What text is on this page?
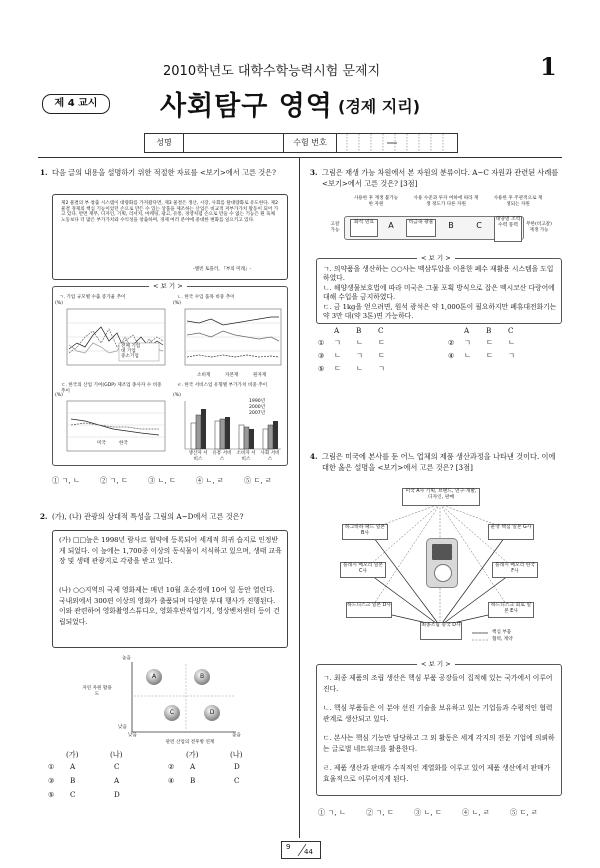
2010학년도 대학수학능력시험 문제지	1
제 4 교시	사회탐구 영역 (경제 지리)
성명	수험 번호
1. 다음 글의 내용을 설명하기 위한 적절한 자료를 <보기>에서 고른 것은?
제2 물결의 부 창출 시스템이 대량화를 가져왔다면, 제3 물결은 생산, 시장, 사회를 탈대량화로 유도한다. 제2 물결 경제의 핵심 기능이었던 손으로 만든 수 있는 상품을 제조하는 산업은 비교적 저부가가치 활동이 되어 가고 있다. 반면 재무, 디자인, 기획, 리서치, 마케팅, 광고, 유통, 경영처럼 손으로 만들 수 없는 기능은 뭔 육체 노동보다 더 많은 부가가치와 수익성을 창출하며, 경제 여러 분야에 중대한 변화를 일으키고 있다.
-엘빈 토플러, 『부의 미래』-
< 보 기 >
ㄱ. 기업 규모별 수출 증가율 추이
(%)
전체 기업
대 기업
중소기업
ㄴ. 한국 수입 품목 비중 추이
(%)
소비재	자본재	원자재
ㄷ. 한국의 산업 기여(GDP) 제조업 종사자 수 비중 추이
(%)
미국	한국
ㄹ. 한국 서비스업 유형별 부가가치 비중 추이
(%)
1990년
2000년
2007년
생산자 서비스
유통 서비스
소비자 서비스
사회 서비스
① ㄱ, ㄴ	② ㄱ, ㄷ	③ ㄴ, ㄷ	④ ㄴ, ㄹ	⑤ ㄷ, ㄹ
2. (가), (나) 관광의 상대적 특성을 그림의 A~D에서 고른 것은?
(가) □□늪은 1998년 람사르 협약에 등록되어 세계적 희귀 습지로 인정받게 되었다. 이 늪에는 1,700종 이상의 동식물이 서식하고 있으며, 생태 교육장 및 생태 관광지로 각광을 받고 있다.
(나) ○○지역의 국제 영화제는 매년 10월 초순경에 10여 일 동안 열린다. 국내외에서 300편 이상의 영화가 출품되며 다양한 부대 행사가 진행된다. 이와 관련하여 영화촬영스튜디오, 영화후반작업기지, 영상벤처센터 등이 건립되었다.
높음
자연 자원 활용도
낮음
낮음	높음
관련 산업의 전후방 연계
A	B
C	D
(가)	(나)	(가)	(나)
① A	C	② A	D
③ B	A	④ B	C
⑤ C	D
3. 그림은 재생 가능 차원에서 본 자원의 분류이다. A~C 자원과 관련된 사례를 <보기>에서 고른 것은? [3점]
사용한 후 재생 불가능한 자원
사용 수준과 투자 여하에 따라 재생 정도가 다른 자원
사용한 후 주관적으로 재생되는 자원
고갈 가능
화석 연료	A	비금속 광물	B	C
태양열 조력 수력 풍력	무한(비고갈) 재생 가능
< 보 기 >
ㄱ. 의약품을 생산하는 ○○사는 멕삼투압을 이용한 폐수 재활용 시스템을 도입하였다.
ㄴ. 해양생물보호법에 따라 미국은 그물 포획 방식으로 잡은 멕시코산 다랑어에 대해 수입을 금지하였다.
ㄷ. 금 1kg을 얻으려면, 원석 광석은 약 1,000톤이 필요하지만 폐휴대전화기는 약 3만 대(약 3톤)면 가능하다.
A B C	A B C
① ㄱ ㄴ ㄷ	② ㄱ ㄷ ㄴ
③ ㄴ ㄱ ㄷ	④ ㄴ ㄷ ㄱ
⑤ ㄷ ㄴ ㄱ
4. 그림은 미국에 본사를 둔 어느 업체의 제품 생산과정을 나타낸 것이다. 이에 대한 옳은 설명을 <보기>에서 고른 것은? [3점]
미국 A사 기획, 브랜드, 연구·개발, 디자인, 판매
하그바하 패드 일본 B사
운영 핵심 일본 G사
플래시 메모리 일본 C사
플래시 메모리 한국 F사
하드디스크 일본 D사	하드디스크 회로 일본 E사
최종조립 중국 D사
핵심 부품
협력, 계약
< 보 기 >
ㄱ. 최종 제품의 조립 생산은 핵심 부품 공장들이 집적해 있는 국가에서 이루어진다.
ㄴ. 핵심 부품들은 이 분야 선진 기술을 보유하고 있는 기업들과 수평적인 협력 관계로 생산되고 있다.
ㄷ. 본사는 핵심 기능만 담당하고 그 외 활동은 세계 각지의 전문 기업에 의뢰하는 글로벌 네트워크를 활용한다.
ㄹ. 제품 생산과 판매가 수직적인 계열화를 이루고 있어 제품 생산에서 판매가 효율적으로 이루어지게 된다.
① ㄱ, ㄴ	② ㄱ, ㄷ	③ ㄴ, ㄷ	④ ㄴ, ㄹ	⑤ ㄷ, ㄹ
9
44
